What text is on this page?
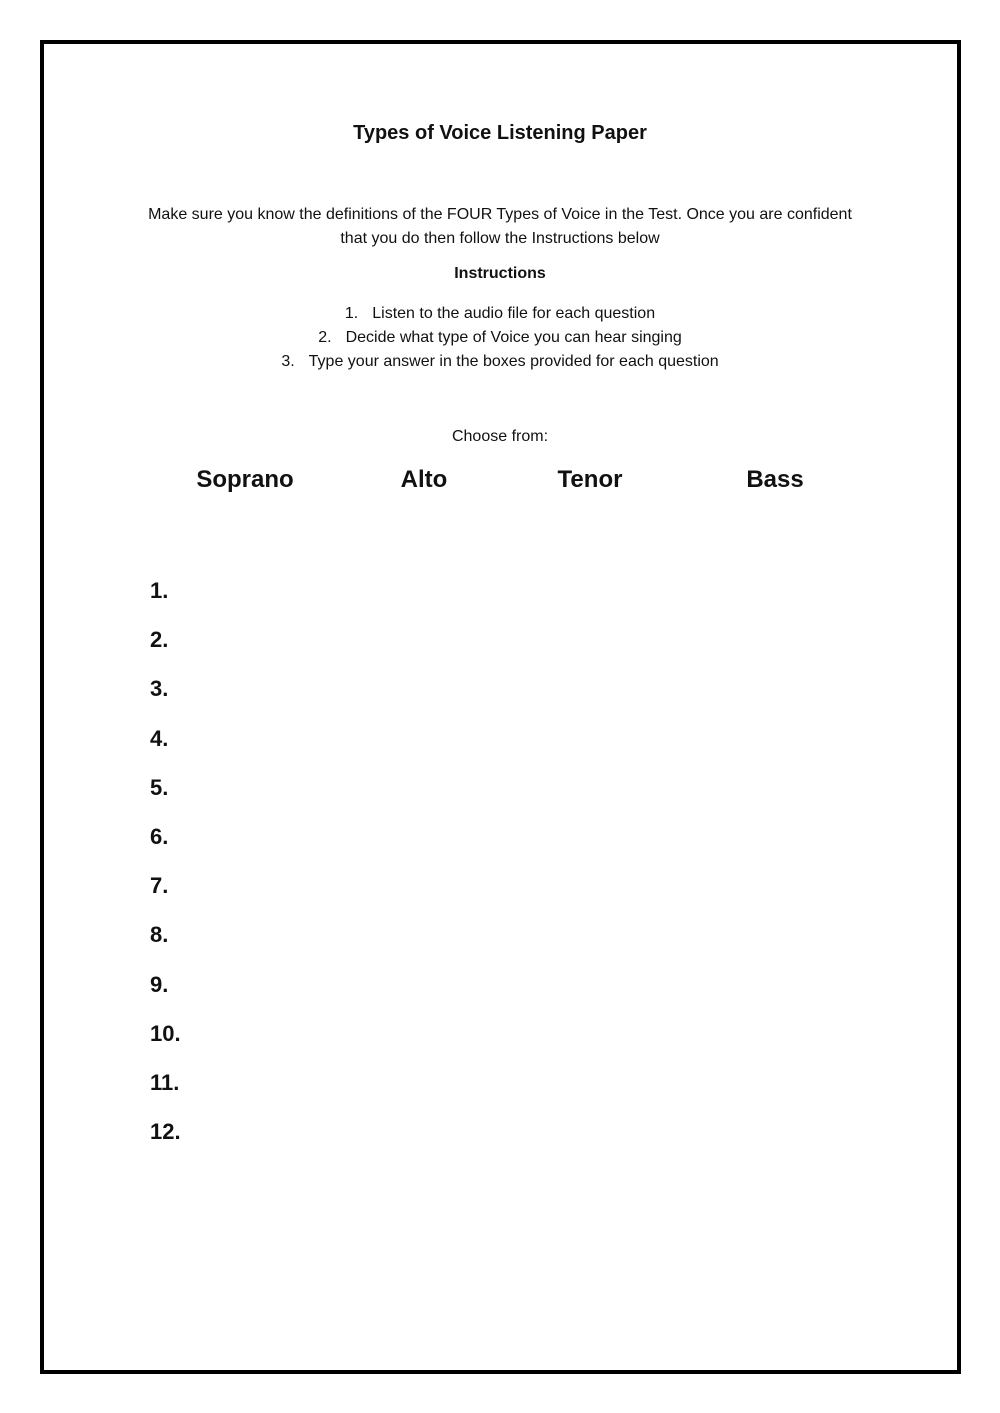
Types of Voice Listening Paper
Make sure you know the definitions of the FOUR Types of Voice in the Test. Once you are confident
that you do then follow the Instructions below
Instructions
1. Listen to the audio file for each question
2. Decide what type of Voice you can hear singing
3. Type your answer in the boxes provided for each question
Choose from:
Soprano	Alto	Tenor	Bass
1.
2.
3.
4.
5.
6.
7.
8.
9.
10.
11.
12.
